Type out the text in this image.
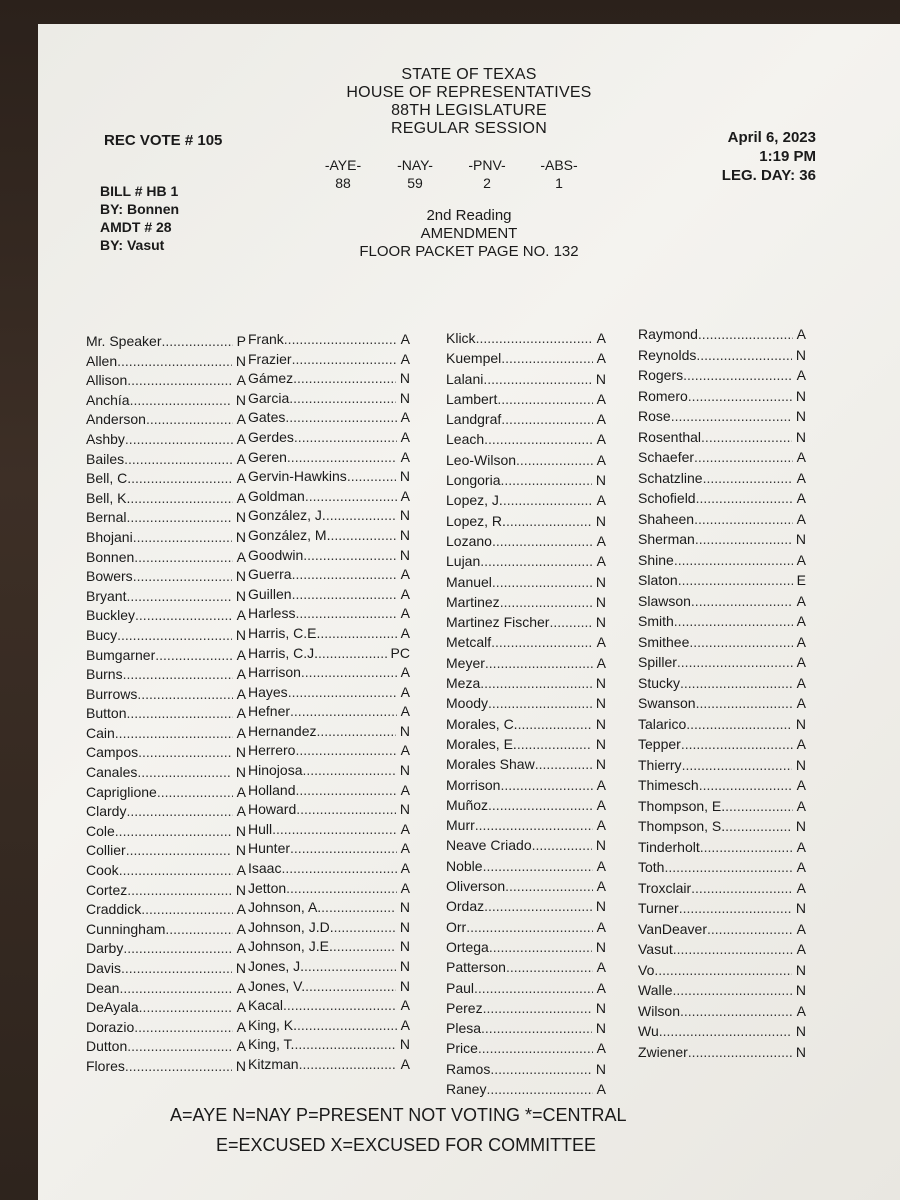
STATE OF TEXAS
HOUSE OF REPRESENTATIVES
88TH LEGISLATURE
REGULAR SESSION
REC VOTE # 105	April 6, 2023
1:19 PM
LEG. DAY: 36
-AYE-
88
-NAY-
59
-PNV-
2
-ABS-
1
BILL # HB 1
BY: Bonnen
AMDT # 28
BY: Vasut
2nd Reading
AMENDMENT
FLOOR PACKET PAGE NO. 132
Mr. Speaker .....	P
Allen .....	N
Allison .....	A
Anchía .....	N
Anderson .....	A
Ashby .....	A
Bailes .....	A
Bell, C. .....	A
Bell, K. .....	A
Bernal .....	N
Bhojani .....	N
Bonnen .....	A
Bowers .....	N
Bryant .....	N
Buckley .....	A
Bucy .....	N
Bumgarner .....	A
Burns .....	A
Burrows .....	A
Button .....	A
Cain .....	A
Campos .....	N
Canales .....	N
Capriglione .....	A
Clardy .....	A
Cole .....	N
Collier .....	N
Cook .....	A
Cortez .....	N
Craddick .....	A
Cunningham .....	A
Darby .....	A
Davis .....	N
Dean .....	A
DeAyala .....	A
Dorazio .....	A
Dutton .....	A
Flores .....	N
Frank .....	A
Frazier .....	A
Gámez .....	N
Garcia .....	N
Gates .....	A
Gerdes .....	A
Geren .....	A
Gervin-Hawkins .....	N
Goldman .....	A
González, J. .....	N
González, M. .....	N
Goodwin .....	N
Guerra .....	A
Guillen .....	A
Harless .....	A
Harris, C.E. .....	A
Harris, C.J. .....	PC
Harrison .....	A
Hayes .....	A
Hefner .....	A
Hernandez .....	N
Herrero .....	A
Hinojosa .....	N
Holland .....	A
Howard .....	N
Hull .....	A
Hunter .....	A
Isaac .....	A
Jetton .....	A
Johnson, A. .....	N
Johnson, J.D. .....	N
Johnson, J.E. .....	N
Jones, J. .....	N
Jones, V. .....	N
Kacal .....	A
King, K. .....	A
King, T. .....	N
Kitzman .....	A
Klick .....	A
Kuempel .....	A
Lalani .....	N
Lambert .....	A
Landgraf .....	A
Leach .....	A
Leo-Wilson .....	A
Longoria .....	N
Lopez, J. .....	A
Lopez, R. .....	N
Lozano .....	A
Lujan .....	A
Manuel .....	N
Martinez .....	N
Martinez Fischer .....	N
Metcalf .....	A
Meyer .....	A
Meza .....	N
Moody .....	N
Morales, C. .....	N
Morales, E. .....	N
Morales Shaw .....	N
Morrison .....	A
Muñoz .....	A
Murr .....	A
Neave Criado .....	N
Noble .....	A
Oliverson .....	A
Ordaz .....	N
Orr .....	A
Ortega .....	N
Patterson .....	A
Paul .....	A
Perez .....	N
Plesa .....	N
Price .....	A
Ramos .....	N
Raney .....	A
Raymond .....	A
Reynolds .....	N
Rogers .....	A
Romero .....	N
Rose .....	N
Rosenthal .....	N
Schaefer .....	A
Schatzline .....	A
Schofield .....	A
Shaheen .....	A
Sherman .....	N
Shine .....	A
Slaton .....	E
Slawson .....	A
Smith .....	A
Smithee .....	A
Spiller .....	A
Stucky .....	A
Swanson .....	A
Talarico .....	N
Tepper .....	A
Thierry .....	N
Thimesch .....	A
Thompson, E. .....	A
Thompson, S. .....	N
Tinderholt .....	A
Toth .....	A
Troxclair .....	A
Turner .....	N
VanDeaver .....	A
Vasut .....	A
Vo .....	N
Walle .....	N
Wilson .....	A
Wu .....	N
Zwiener .....	N
A=AYE N=NAY P=PRESENT NOT VOTING *=CENTRAL
E=EXCUSED X=EXCUSED FOR COMMITTEE
